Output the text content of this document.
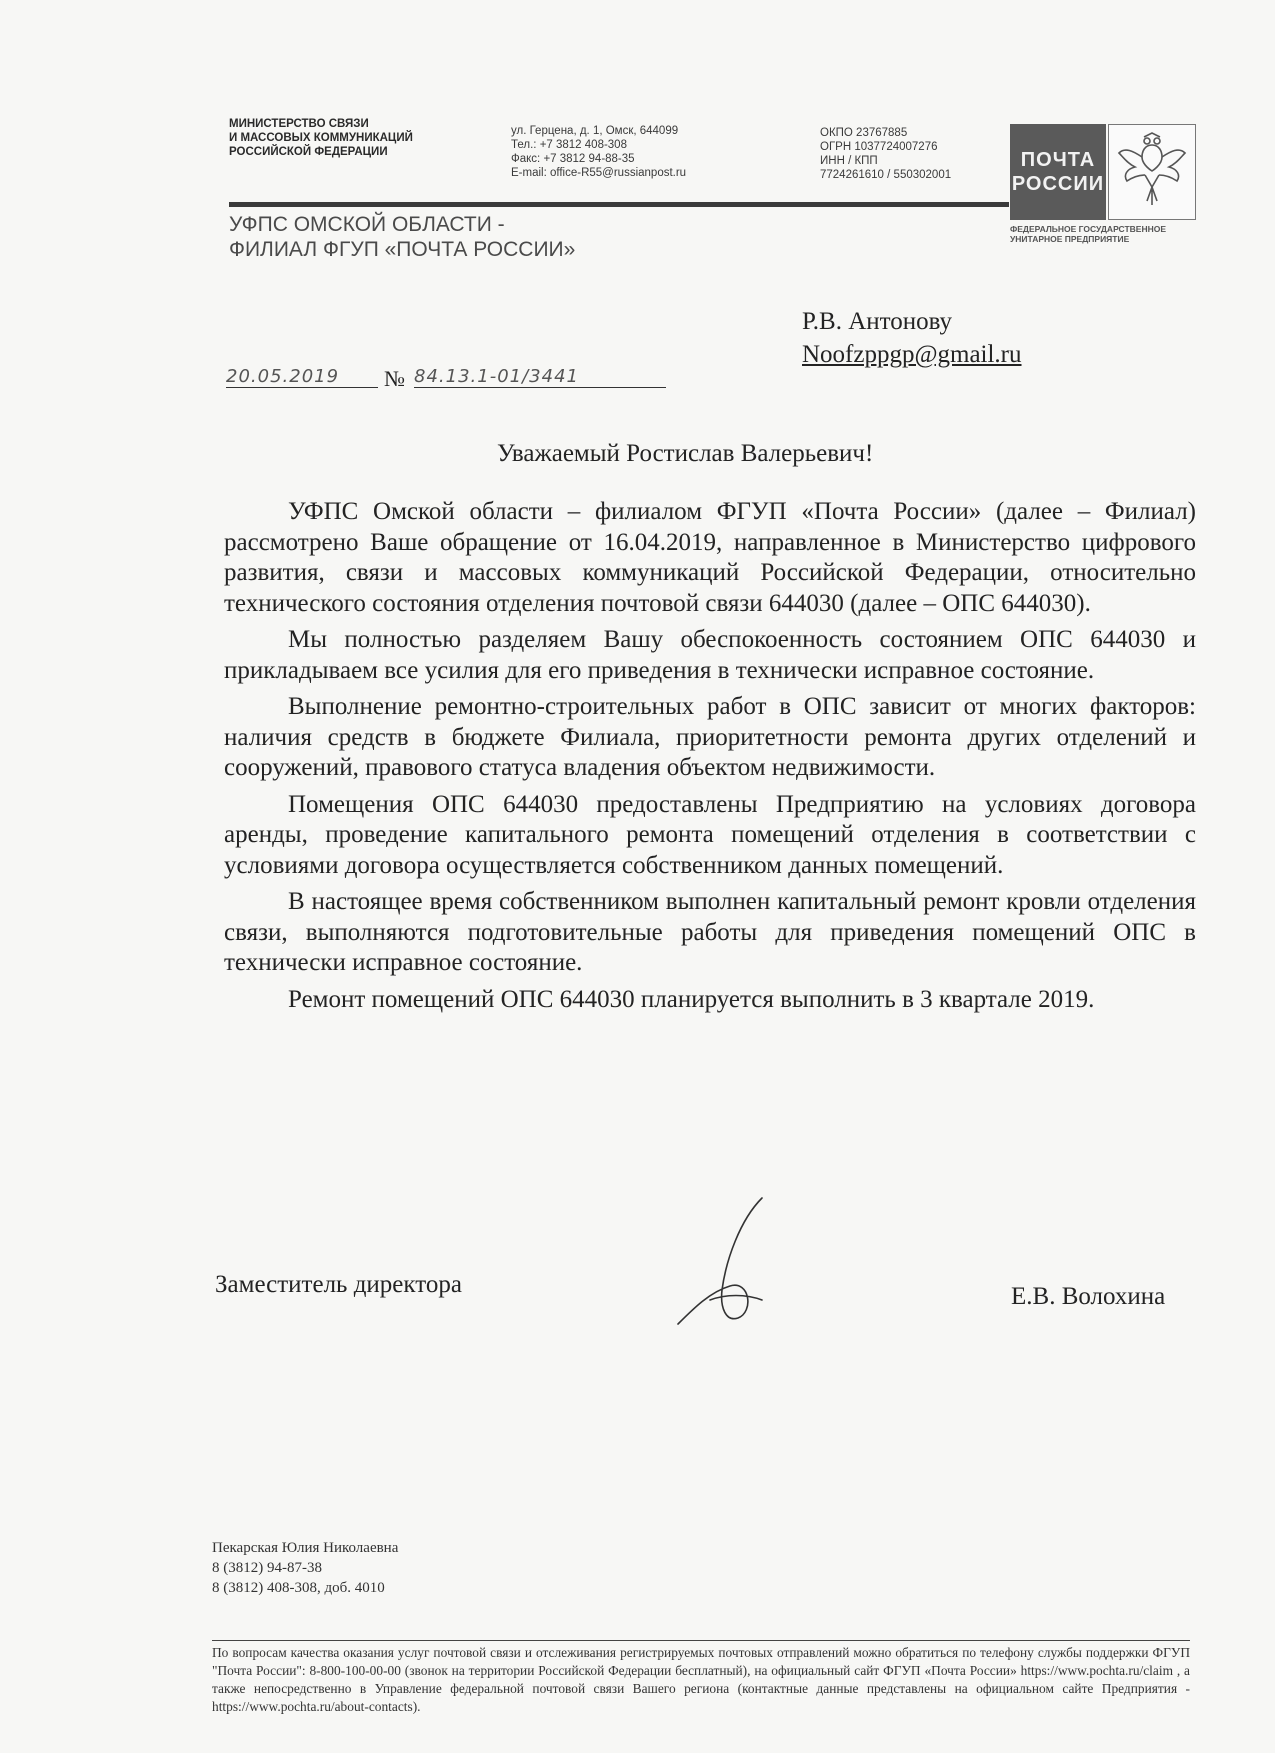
МИНИСТЕРСТВО СВЯЗИ
И МАССОВЫХ КОММУНИКАЦИЙ
РОССИЙСКОЙ ФЕДЕРАЦИИ
ул. Герцена, д. 1, Омск, 644099
Тел.: +7 3812 408-308
Факс: +7 3812 94-88-35
E-mail: office-R55@russianpost.ru
ОКПО 23767885
ОГРН 1037724007276
ИНН / КПП
7724261610 / 550302001
ПОЧТА
РОССИИ
ФЕДЕРАЛЬНОЕ ГОСУДАРСТВЕННОЕ
УНИТАРНОЕ ПРЕДПРИЯТИЕ
УФПС ОМСКОЙ ОБЛАСТИ -
ФИЛИАЛ ФГУП «ПОЧТА РОССИИ»
Р.В. Антонову
Noofzppgp@gmail.ru
20.05.2019	№ 84.13.1-01/3441
Уважаемый Ростислав Валерьевич!

УФПС Омской области – филиалом ФГУП «Почта России» (далее – Филиал) рассмотрено Ваше обращение от 16.04.2019, направленное в Министерство цифрового развития, связи и массовых коммуникаций Российской Федерации, относительно технического состояния отделения почтовой связи 644030 (далее – ОПС 644030).

Мы полностью разделяем Вашу обеспокоенность состоянием ОПС 644030 и прикладываем все усилия для его приведения в технически исправное состояние.

Выполнение ремонтно-строительных работ в ОПС зависит от многих факторов: наличия средств в бюджете Филиала, приоритетности ремонта других отделений и сооружений, правового статуса владения объектом недвижимости.

Помещения ОПС 644030 предоставлены Предприятию на условиях договора аренды, проведение капитального ремонта помещений отделения в соответствии с условиями договора осуществляется собственником данных помещений.

В настоящее время собственником выполнен капитальный ремонт кровли отделения связи, выполняются подготовительные работы для приведения помещений ОПС в технически исправное состояние.

Ремонт помещений ОПС 644030 планируется выполнить в 3 квартале 2019.

Заместитель директора	Е.В. Волохина
Пекарская Юлия Николаевна
8 (3812) 94-87-38
8 (3812) 408-308, доб. 4010
По вопросам качества оказания услуг почтовой связи и отслеживания регистрируемых почтовых отправлений можно обратиться по телефону службы поддержки ФГУП "Почта России": 8-800-100-00-00 (звонок на территории Российской Федерации бесплатный), на официальный сайт ФГУП «Почта России» https://www.pochta.ru/claim , а также непосредственно в Управление федеральной почтовой связи Вашего региона (контактные данные представлены на официальном сайте Предприятия - https://www.pochta.ru/about-contacts).
